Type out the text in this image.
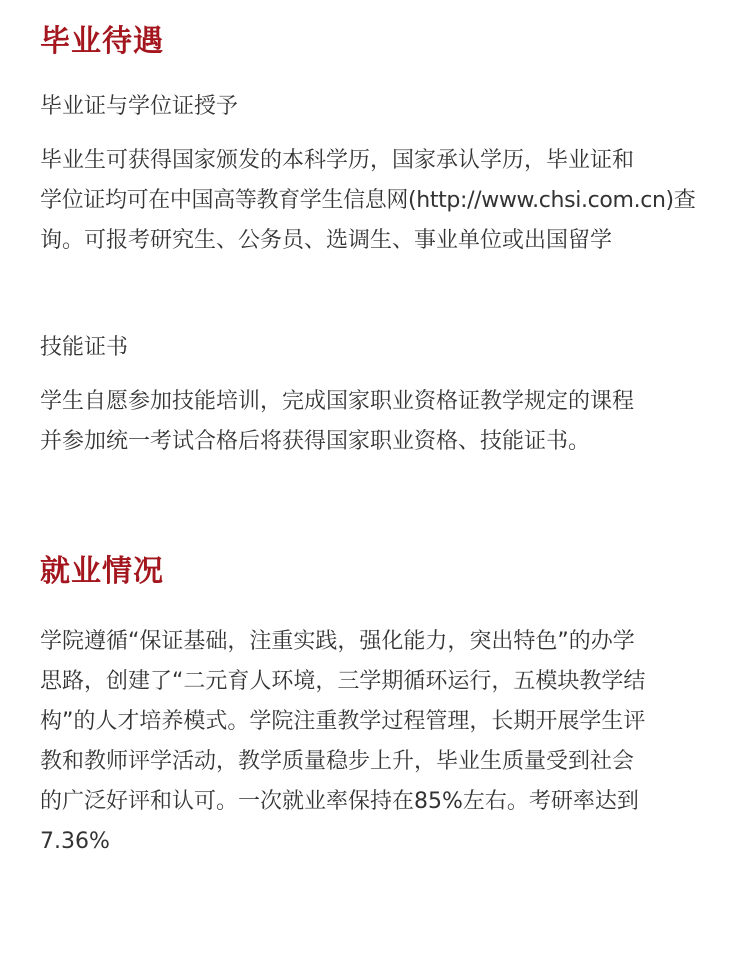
毕业待遇

毕业证与学位证授予

毕业生可获得国家颁发的本科学历，国家承认学历，毕业证和
学位证均可在中国高等教育学生信息网(http://www.chsi.com.cn)查
询。可报考研究生、公务员、选调生、事业单位或出国留学

技能证书

学生自愿参加技能培训，完成国家职业资格证教学规定的课程
并参加统一考试合格后将获得国家职业资格、技能证书。

就业情况

学院遵循“保证基础，注重实践，强化能力，突出特色”的办学
思路，创建了“二元育人环境，三学期循环运行，五模块教学结
构”的人才培养模式。学院注重教学过程管理，长期开展学生评
教和教师评学活动，教学质量稳步上升，毕业生质量受到社会
的广泛好评和认可。一次就业率保持在85%左右。考研率达到
7.36%
